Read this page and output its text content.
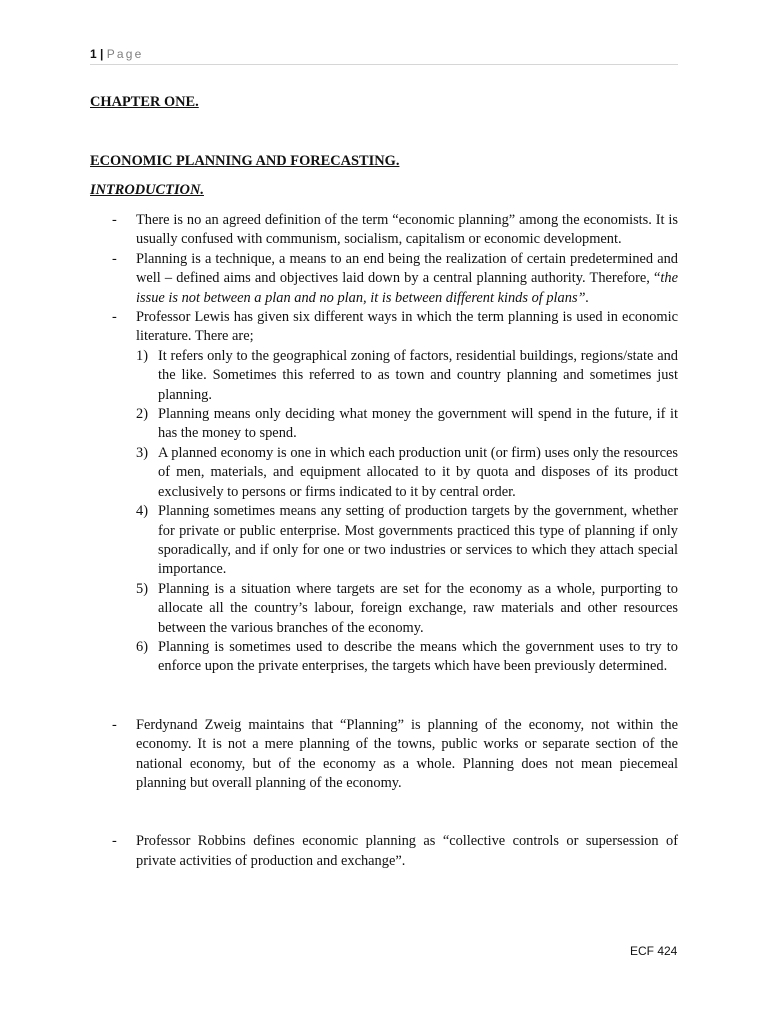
1 | Page
CHAPTER ONE.
ECONOMIC PLANNING AND FORECASTING.
INTRODUCTION.
- There is no an agreed definition of the term “economic planning” among the economists. It is usually confused with communism, socialism, capitalism or economic development.
- Planning is a technique, a means to an end being the realization of certain predetermined and well – defined aims and objectives laid down by a central planning authority. Therefore, “the issue is not between a plan and no plan, it is between different kinds of plans”.
- Professor Lewis has given six different ways in which the term planning is used in economic literature. There are;
1) It refers only to the geographical zoning of factors, residential buildings, regions/state and the like. Sometimes this referred to as town and country planning and sometimes just planning.
2) Planning means only deciding what money the government will spend in the future, if it has the money to spend.
3) A planned economy is one in which each production unit (or firm) uses only the resources of men, materials, and equipment allocated to it by quota and disposes of its product exclusively to persons or firms indicated to it by central order.
4) Planning sometimes means any setting of production targets by the government, whether for private or public enterprise. Most governments practiced this type of planning if only sporadically, and if only for one or two industries or services to which they attach special importance.
5) Planning is a situation where targets are set for the economy as a whole, purporting to allocate all the country’s labour, foreign exchange, raw materials and other resources between the various branches of the economy.
6) Planning is sometimes used to describe the means which the government uses to try to enforce upon the private enterprises, the targets which have been previously determined.
- Ferdynand Zweig maintains that “Planning” is planning of the economy, not within the economy. It is not a mere planning of the towns, public works or separate section of the national economy, but of the economy as a whole. Planning does not mean piecemeal planning but overall planning of the economy.
- Professor Robbins defines economic planning as “collective controls or supersession of private activities of production and exchange”.
ECF 424
